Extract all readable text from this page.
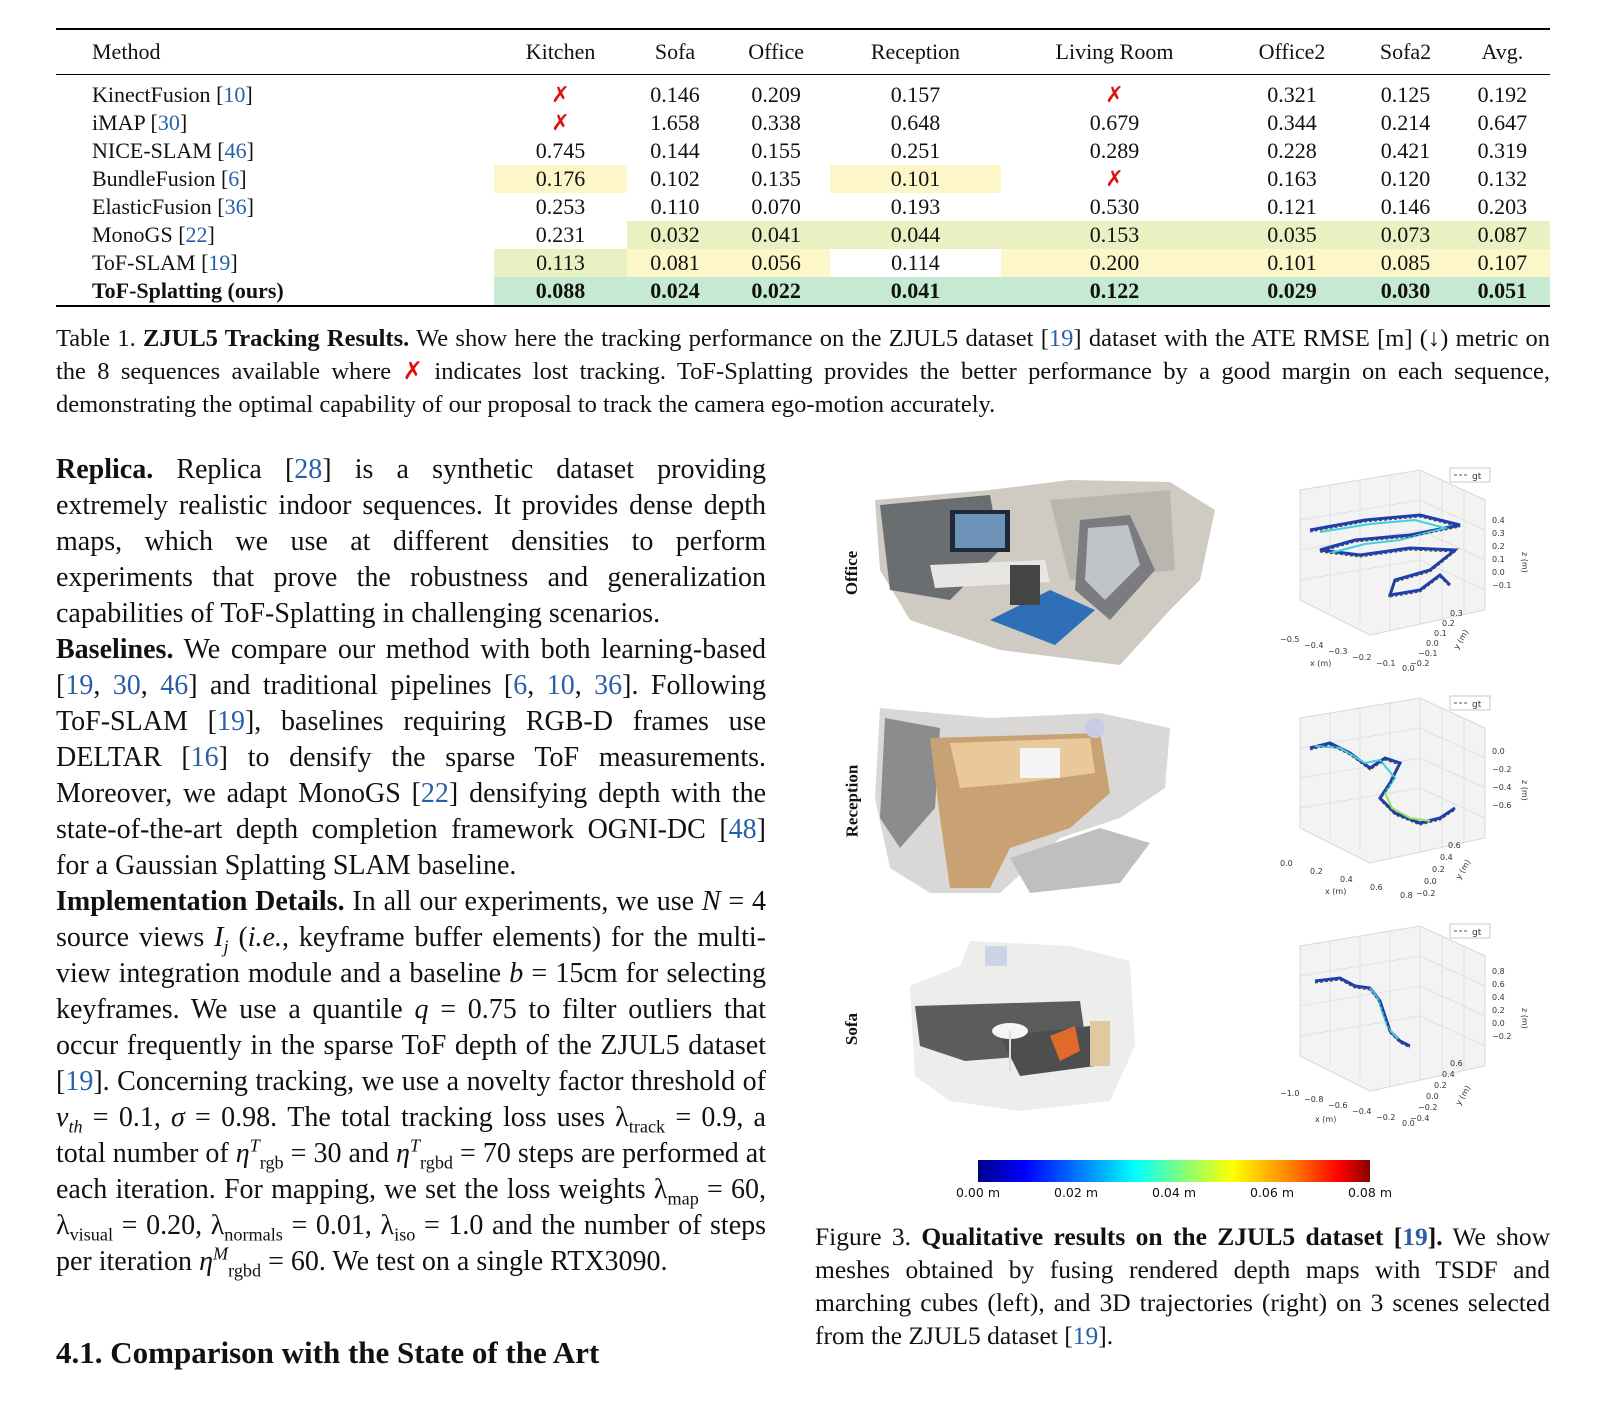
Method	Kitchen	Sofa	Office	Reception	Living Room	Office2	Sofa2	Avg.
KinectFusion [10]	✗	0.146	0.209	0.157	✗	0.321	0.125	0.192
iMAP [30]	✗	1.658	0.338	0.648	0.679	0.344	0.214	0.647
NICE-SLAM [46]	0.745	0.144	0.155	0.251	0.289	0.228	0.421	0.319
BundleFusion [6]	0.176	0.102	0.135	0.101	✗	0.163	0.120	0.132
ElasticFusion [36]	0.253	0.110	0.070	0.193	0.530	0.121	0.146	0.203
MonoGS [22]	0.231	0.032	0.041	0.044	0.153	0.035	0.073	0.087
ToF-SLAM [19]	0.113	0.081	0.056	0.114	0.200	0.101	0.085	0.107
ToF-Splatting (ours)	0.088	0.024	0.022	0.041	0.122	0.029	0.030	0.051

Table 1. ZJUL5 Tracking Results. We show here the tracking performance on the ZJUL5 dataset [19] dataset with the ATE RMSE [m] (↓) metric on the 8 sequences available where ✗ indicates lost tracking. ToF-Splatting provides the better performance by a good margin on each sequence, demonstrating the optimal capability of our proposal to track the camera ego-motion accurately.

Replica. Replica [28] is a synthetic dataset providing extremely realistic indoor sequences. It provides dense depth maps, which we use at different densities to perform experiments that prove the robustness and generalization capabilities of ToF-Splatting in challenging scenarios.

Baselines. We compare our method with both learning-based [19, 30, 46] and traditional pipelines [6, 10, 36]. Following ToF-SLAM [19], baselines requiring RGB-D frames use DELTAR [16] to densify the sparse ToF measurements. Moreover, we adapt MonoGS [22] densifying depth with the state-of-the-art depth completion framework OGNI-DC [48] for a Gaussian Splatting SLAM baseline.

Implementation Details. In all our experiments, we use N = 4 source views $I_j$ (i.e., keyframe buffer elements) for the multi-view integration module and a baseline b = 15cm for selecting keyframes. We use a quantile q = 0.75 to filter outliers that occur frequently in the sparse ToF depth of the ZJUL5 dataset [19]. Concerning tracking, we use a novelty factor threshold of $\nu_{th} = 0.1$, σ = 0.98. The total tracking loss uses $\lambda_{track} = 0.9$, a total number of $\eta^T_{rgb} = 30$ and $\eta^T_{rgbd} = 70$ steps are performed at each iteration. For mapping, we set the loss weights $\lambda_{map} = 60$, $\lambda_{visual} = 0.20$, $\lambda_{normals} = 0.01$, $\lambda_{iso} = 1.0$ and the number of steps per iteration $\eta^M_{rgbd} = 60$. We test on a single RTX3090.

4.1. Comparison with the State of the Art
Office
gt
0.4
0.3
0.2
0.1
0.0
−0.1
z (m)
−0.5
−0.4
−0.3
−0.2
−0.1
0.0
x (m)
0.3
0.2
0.1
0.0
−0.1
−0.2
y (m)
Reception
gt
0.0
−0.2
−0.4
−0.6
z (m)
0.0
0.2
0.4
0.6
0.8
x (m)
0.6
0.4
0.2
0.0
−0.2
y (m)
Sofa
gt
0.8
0.6
0.4
0.2
0.0
−0.2
z (m)
−1.0
−0.8
−0.6
−0.4
−0.2
0.0
x (m)
0.6
0.4
0.2
0.0
−0.2
−0.4
y (m)
0.00 m	0.02 m	0.04 m	0.06 m	0.08 m

Figure 3. Qualitative results on the ZJUL5 dataset [19]. We show meshes obtained by fusing rendered depth maps with TSDF and marching cubes (left), and 3D trajectories (right) on 3 scenes selected from the ZJUL5 dataset [19].
